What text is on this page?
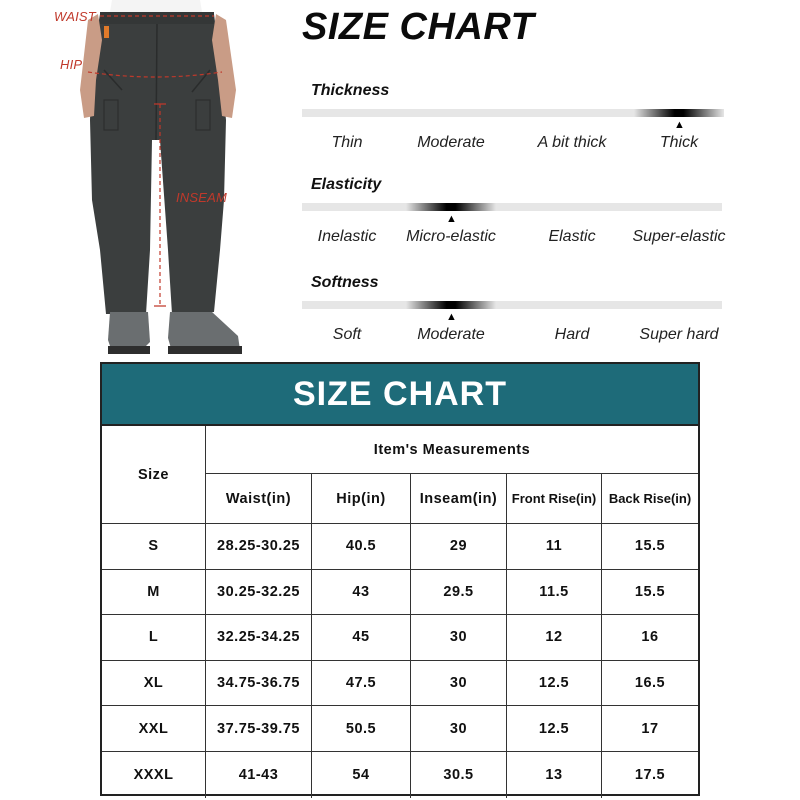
WAIST
HIP
INSEAM
SIZE CHART
Thickness
▲
Thin	Moderate	A bit thick	Thick
Elasticity
▲
Inelastic Micro-elastic	Elastic Super-elastic
Softness
▲
Soft	Moderate	Hard	Super hard
SIZE CHART
Size
Item's Measurements
Waist(in)	Hip(in)	Inseam(in)	Front Rise(in) Back Rise(in)
S	28.25-30.25	40.5	29	11	15.5
M	30.25-32.25	43	29.5	11.5	15.5
L	32.25-34.25	45	30	12	16
XL	34.75-36.75	47.5	30	12.5	16.5
XXL	37.75-39.75	50.5	30	12.5	17
XXXL	41-43	54	30.5	13	17.5
